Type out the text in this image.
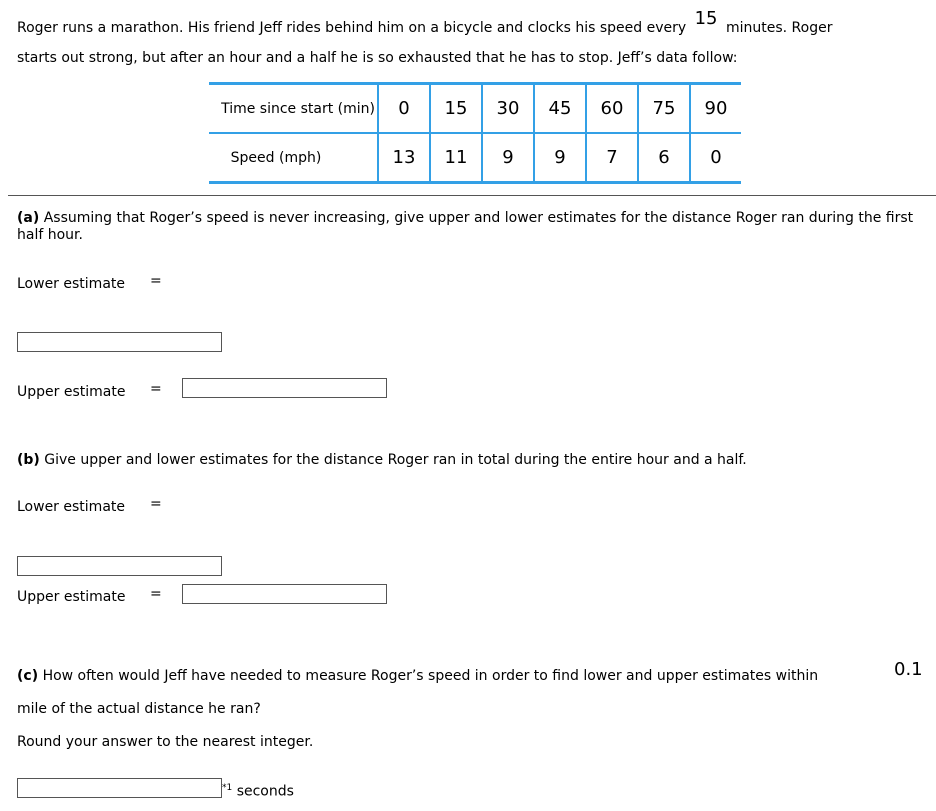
Roger runs a marathon. His friend Jeff rides behind him on a bicycle and clocks his speed every 15 minutes. Roger
starts out strong, but after an hour and a half he is so exhausted that he has to stop. Jeff’s data follow:
Time since start (min)	0	15	30	45	60	75	90
Speed (mph)	13	11	9	9	7	6	0
(a) Assuming that Roger’s speed is never increasing, give upper and lower estimates for the distance Roger ran during the first half hour.
Lower estimate =
Upper estimate =
(b) Give upper and lower estimates for the distance Roger ran in total during the entire hour and a half.
Lower estimate =
Upper estimate =
(c) How often would Jeff have needed to measure Roger’s speed in order to find lower and upper estimates within	0.1
mile of the actual distance he ran?
Round your answer to the nearest integer.
$^{*1}$ seconds
